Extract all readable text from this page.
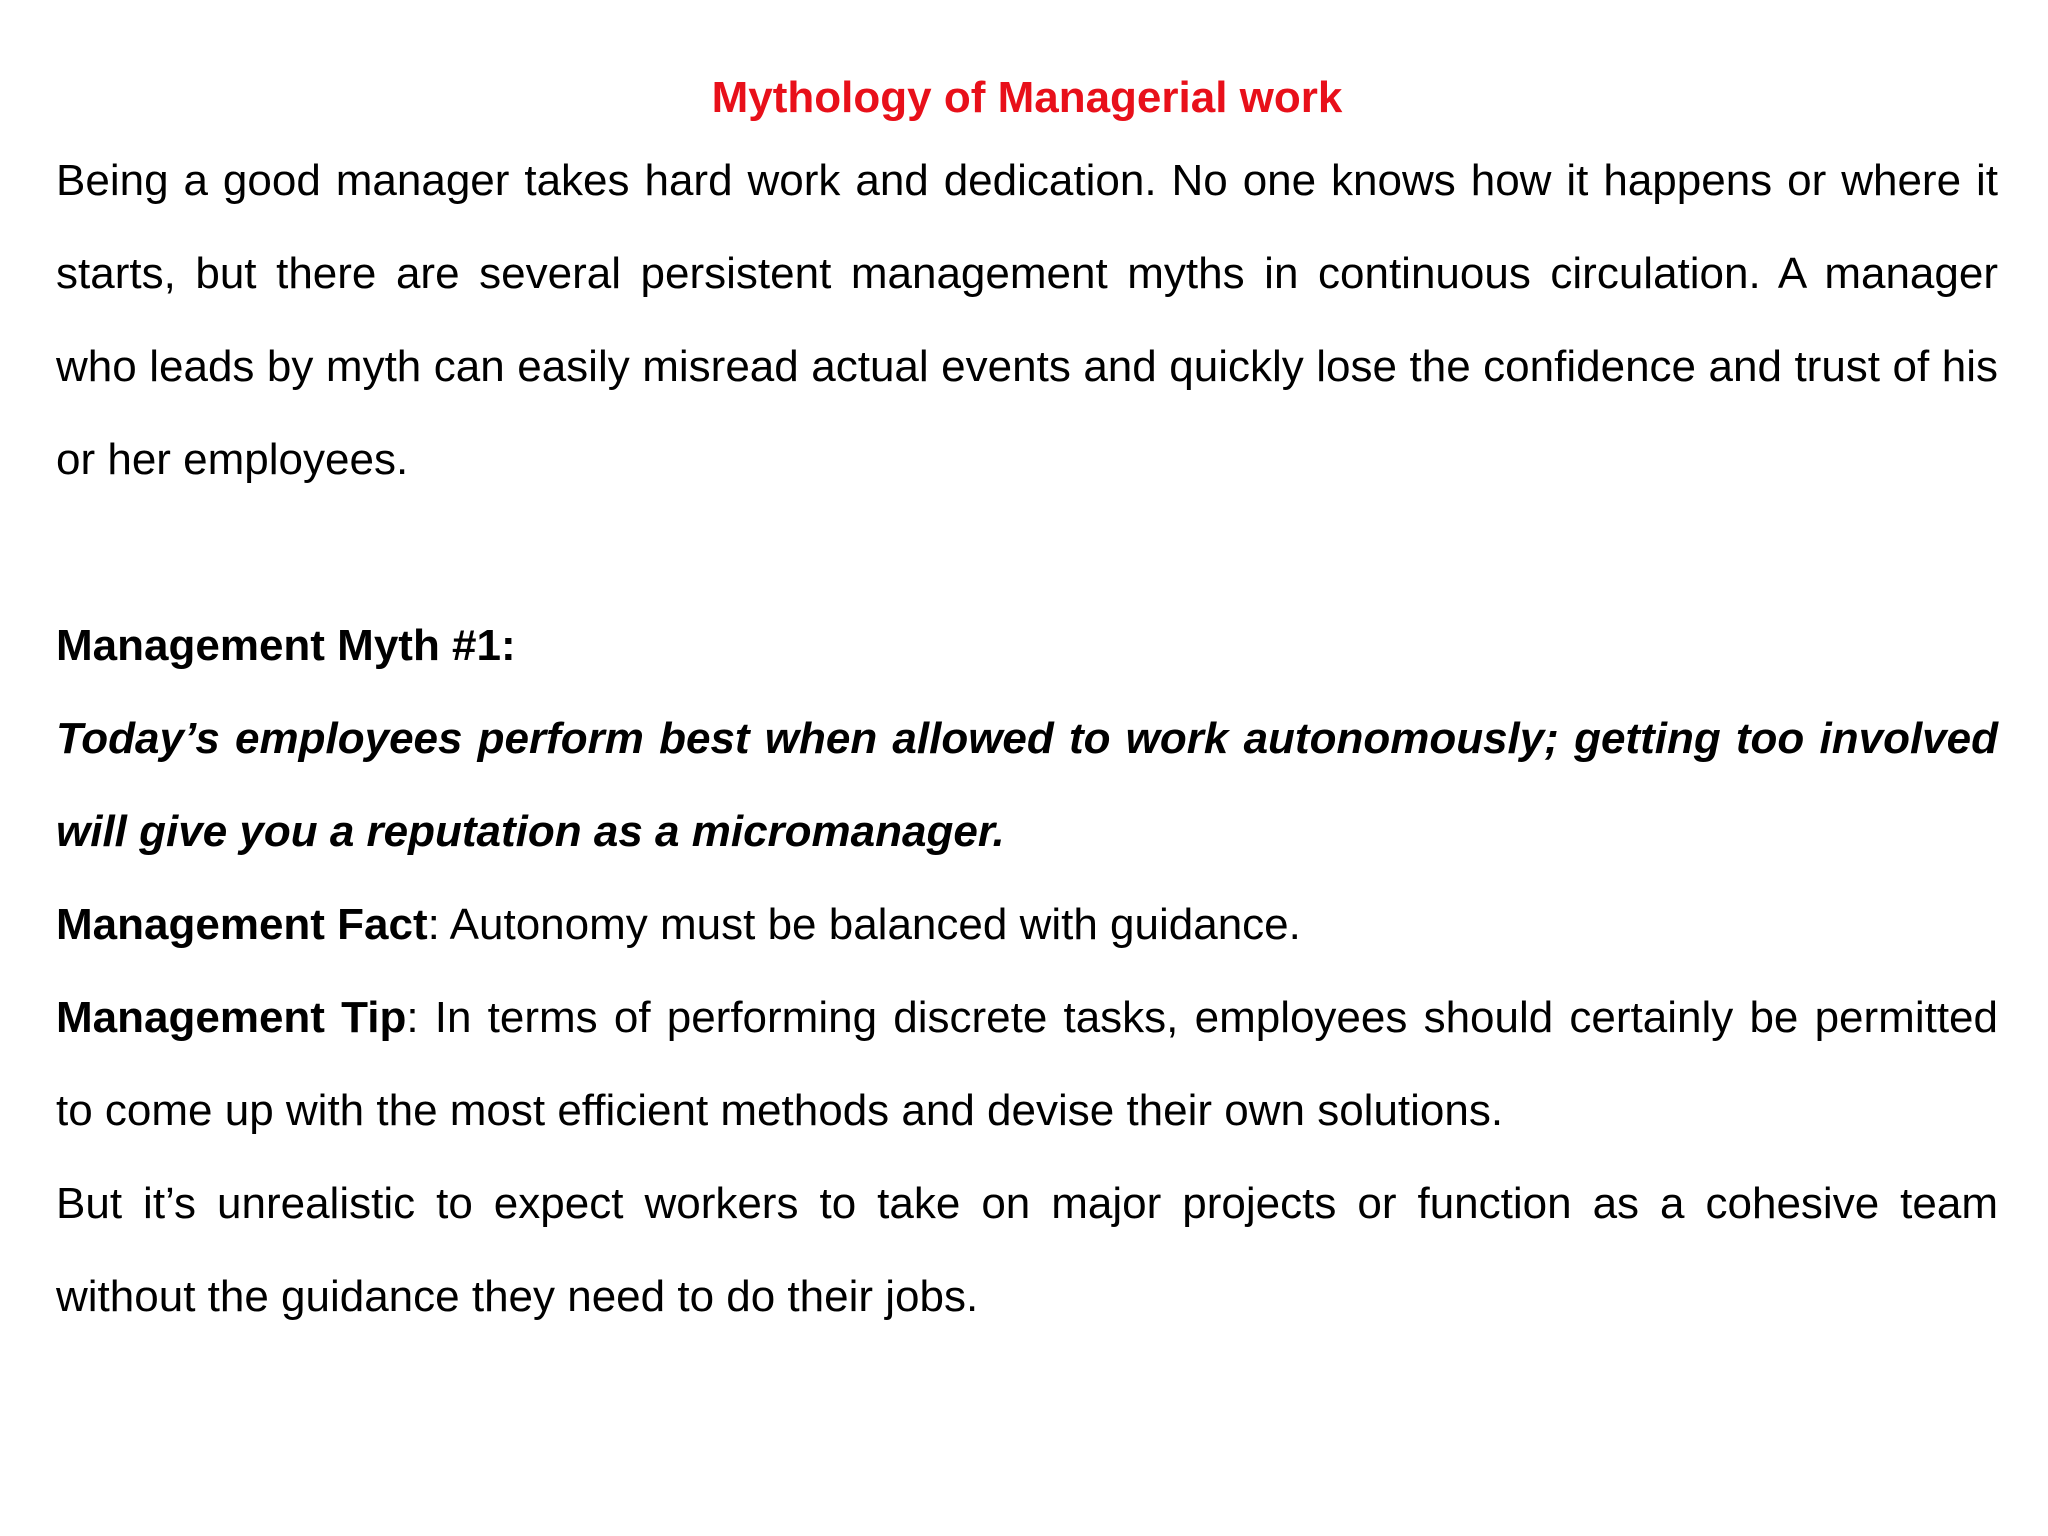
Mythology of Managerial work

Being a good manager takes hard work and dedication. No one knows how it happens or where it starts, but there are several persistent management myths in continuous circulation. A manager who leads by myth can easily misread actual events and quickly lose the confidence and trust of his or her employees.

Management Myth #1:

Today’s employees perform best when allowed to work autonomously; getting too involved will give you a reputation as a micromanager.

Management Fact: Autonomy must be balanced with guidance.

Management Tip: In terms of performing discrete tasks, employees should certainly be permitted to come up with the most efficient methods and devise their own solutions.

But it’s unrealistic to expect workers to take on major projects or function as a cohesive team without the guidance they need to do their jobs.
